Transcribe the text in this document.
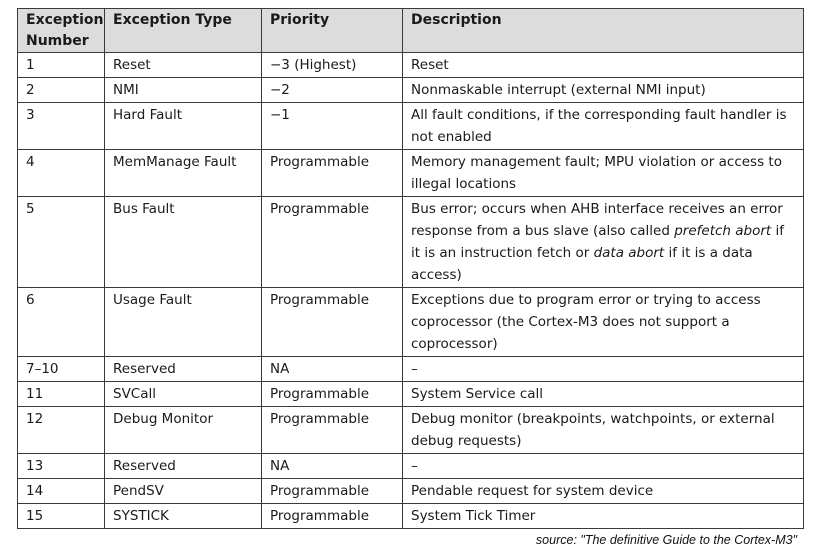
Exception Number	Exception Type	Priority	Description
1	Reset	−3 (Highest)	Reset
2	NMI	−2	Nonmaskable interrupt (external NMI input)
3	Hard Fault	−1	All fault conditions, if the corresponding fault handler is not enabled
4	MemManage Fault	Programmable	Memory management fault; MPU violation or access to illegal locations
5	Bus Fault	Programmable	Bus error; occurs when AHB interface receives an error response from a bus slave (also called prefetch abort if it is an instruction fetch or data abort if it is a data access)
6	Usage Fault	Programmable	Exceptions due to program error or trying to access coprocessor (the Cortex-M3 does not support a coprocessor)
7–10	Reserved	NA	–
11	SVCall	Programmable	System Service call
12	Debug Monitor	Programmable	Debug monitor (breakpoints, watchpoints, or external debug requests)
13	Reserved	NA	–
14	PendSV	Programmable	Pendable request for system device
15	SYSTICK	Programmable	System Tick Timer
source: "The definitive Guide to the Cortex-M3"
